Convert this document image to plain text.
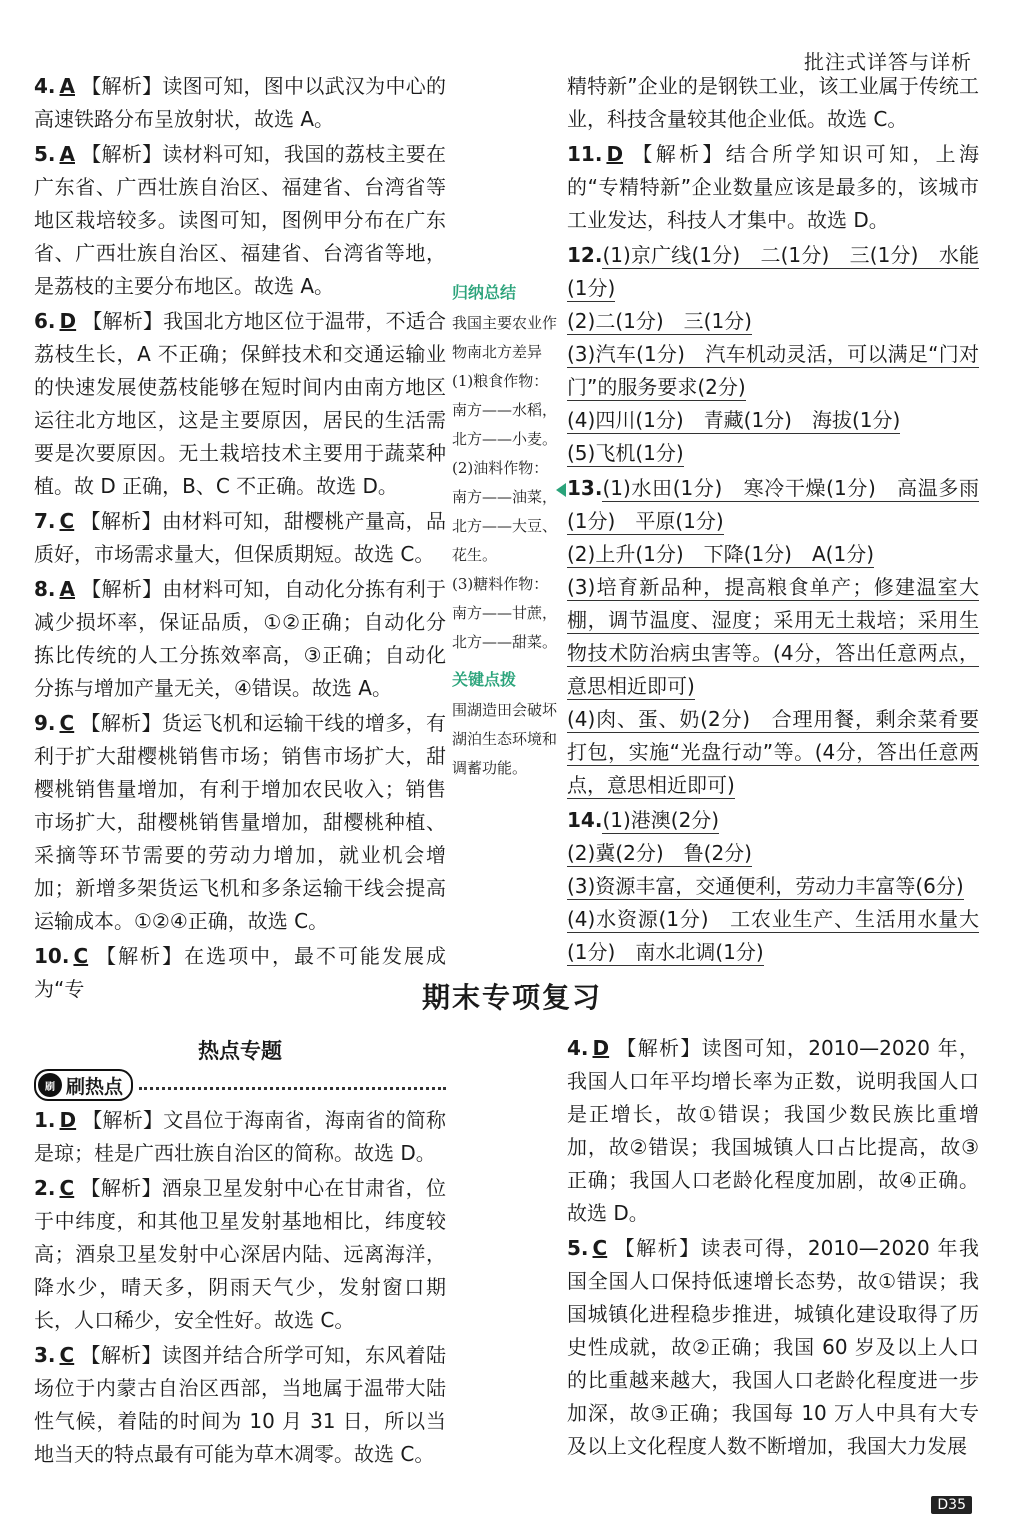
批注式详答与详析
4. A 【解析】读图可知，图中以武汉为中心的高速铁路分布呈放射状，故选 A。
5. A 【解析】读材料可知，我国的荔枝主要在广东省、广西壮族自治区、福建省、台湾省等地区栽培较多。读图可知，图例甲分布在广东省、广西壮族自治区、福建省、台湾省等地，是荔枝的主要分布地区。故选 A。
6. D 【解析】我国北方地区位于温带，不适合荔枝生长，A 不正确；保鲜技术和交通运输业的快速发展使荔枝能够在短时间内由南方地区运往北方地区，这是主要原因，居民的生活需要是次要原因。无土栽培技术主要用于蔬菜种植。故 D 正确，B、C 不正确。故选 D。
7. C 【解析】由材料可知，甜樱桃产量高，品质好，市场需求量大，但保质期短。故选 C。
8. A 【解析】由材料可知，自动化分拣有利于减少损坏率，保证品质，①②正确；自动化分拣比传统的人工分拣效率高，③正确；自动化分拣与增加产量无关，④错误。故选 A。
9. C 【解析】货运飞机和运输干线的增多，有利于扩大甜樱桃销售市场；销售市场扩大，甜樱桃销售量增加，有利于增加农民收入；销售市场扩大，甜樱桃销售量增加，甜樱桃种植、采摘等环节需要的劳动力增加，就业机会增加；新增多架货运飞机和多条运输干线会提高运输成本。①②④正确，故选 C。
10. C 【解析】在选项中，最不可能发展成为“专
归纳总结
我国主要农业作物南北方差异
(1)粮食作物：南方——水稻，北方——小麦。
(2)油料作物：南方——油菜，北方——大豆、花生。
(3)糖料作物：南方——甘蔗，北方——甜菜。
关键点拨
围湖造田会破坏湖泊生态环境和调蓄功能。
精特新”企业的是钢铁工业，该工业属于传统工业，科技含量较其他企业低。故选 C。
11. D 【解析】结合所学知识可知，上海的“专精特新”企业数量应该是最多的，该城市工业发达，科技人才集中。故选 D。
12.(1)京广线(1分)　二(1分)　三(1分)　水能(1分)
(2)二(1分)　三(1分)
(3)汽车(1分)　汽车机动灵活，可以满足“门对门”的服务要求(2分)
(4)四川(1分)　青藏(1分)　海拔(1分)
(5)飞机(1分)
13.(1)水田(1分)　寒冷干燥(1分)　高温多雨(1分)　平原(1分)
(2)上升(1分)　下降(1分)　A(1分)
(3)培育新品种，提高粮食单产；修建温室大棚，调节温度、湿度；采用无土栽培；采用生物技术防治病虫害等。(4分，答出任意两点，意思相近即可)
(4)肉、蛋、奶(2分)　合理用餐，剩余菜肴要打包，实施“光盘行动”等。(4分，答出任意两点，意思相近即可)
14.(1)港澳(2分)
(2)冀(2分)　鲁(2分)
(3)资源丰富，交通便利，劳动力丰富等(6分)
(4)水资源(1分)　工农业生产、生活用水量大(1分)　南水北调(1分)
期末专项复习
热点专题
刷 刷热点
1. D 【解析】文昌位于海南省，海南省的简称是琼；桂是广西壮族自治区的简称。故选 D。
2. C 【解析】酒泉卫星发射中心在甘肃省，位于中纬度，和其他卫星发射基地相比，纬度较高；酒泉卫星发射中心深居内陆、远离海洋，降水少，晴天多，阴雨天气少，发射窗口期长，人口稀少，安全性好。故选 C。
3. C 【解析】读图并结合所学可知，东风着陆场位于内蒙古自治区西部，当地属于温带大陆性气候，着陆的时间为 10 月 31 日，所以当地当天的特点最有可能为草木凋零。故选 C。
4. D 【解析】读图可知，2010—2020 年，我国人口年平均增长率为正数，说明我国人口是正增长，故①错误；我国少数民族比重增加，故②错误；我国城镇人口占比提高，故③正确；我国人口老龄化程度加剧，故④正确。故选 D。
5. C 【解析】读表可得，2010—2020 年我国全国人口保持低速增长态势，故①错误；我国城镇化进程稳步推进，城镇化建设取得了历史性成就，故②正确；我国 60 岁及以上人口的比重越来越大，我国人口老龄化程度进一步加深，故③正确；我国每 10 万人中具有大专及以上文化程度人数不断增加，我国大力发展
D35
